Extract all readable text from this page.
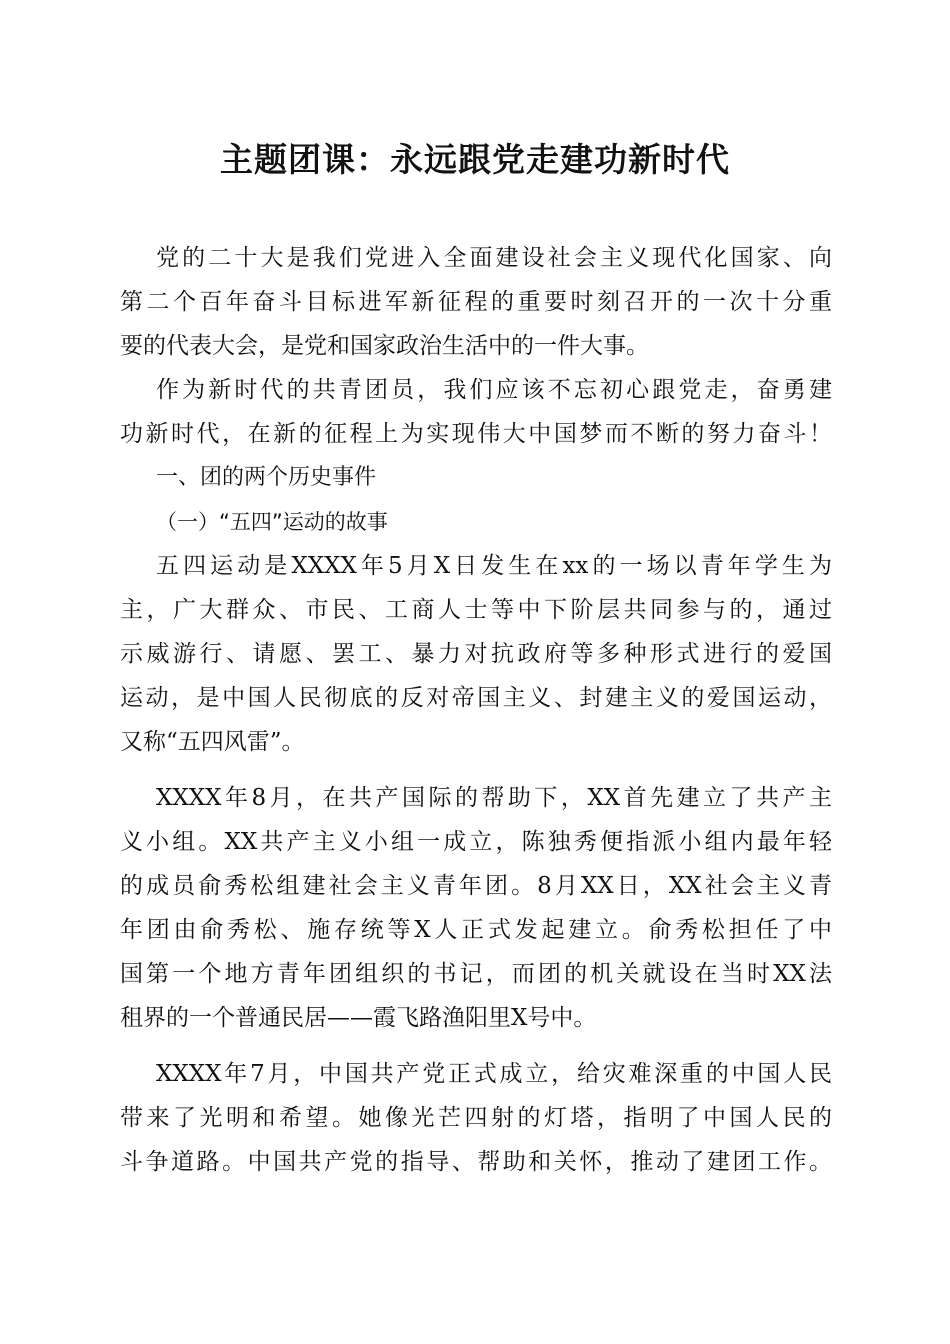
主题团课：永远跟党走建功新时代
党的二十大是我们党进入全面建设社会主义现代化国家、向
第二个百年奋斗目标进军新征程的重要时刻召开的一次十分重
要的代表大会，是党和国家政治生活中的一件大事。
作为新时代的共青团员，我们应该不忘初心跟党走，奋勇建
功新时代，在新的征程上为实现伟大中国梦而不断的努力奋斗！
一、团的两个历史事件
（一）“五四”运动的故事
五四运动是XXXX年5月X日发生在xx的一场以青年学生为
主，广大群众、市民、工商人士等中下阶层共同参与的，通过
示威游行、请愿、罢工、暴力对抗政府等多种形式进行的爱国
运动，是中国人民彻底的反对帝国主义、封建主义的爱国运动，
又称“五四风雷”。
XXXX年8月，在共产国际的帮助下，XX首先建立了共产主
义小组。XX共产主义小组一成立，陈独秀便指派小组内最年轻
的成员俞秀松组建社会主义青年团。8月XX日，XX社会主义青
年团由俞秀松、施存统等X人正式发起建立。俞秀松担任了中
国第一个地方青年团组织的书记，而团的机关就设在当时XX法
租界的一个普通民居——霞飞路渔阳里X号中。
XXXX年7月，中国共产党正式成立，给灾难深重的中国人民
带来了光明和希望。她像光芒四射的灯塔，指明了中国人民的
斗争道路。中国共产党的指导、帮助和关怀，推动了建团工作。
